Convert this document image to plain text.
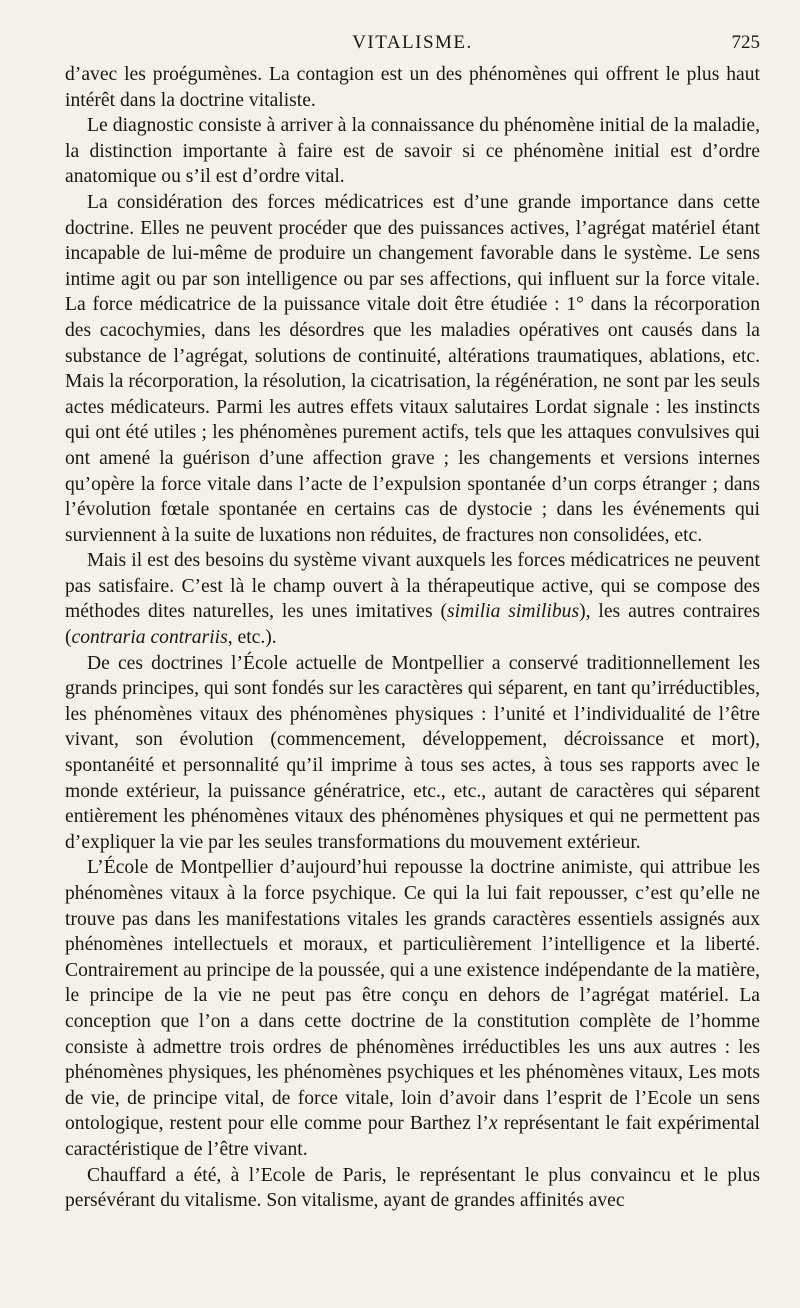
VITALISME.	725

d’avec les proégumènes. La contagion est un des phénomènes qui offrent le plus haut intérêt dans la doctrine vitaliste.

Le diagnostic consiste à arriver à la connaissance du phénomène initial de la maladie, la distinction importante à faire est de savoir si ce phénomène initial est d’ordre anatomique ou s’il est d’ordre vital.

La considération des forces médicatrices est d’une grande importance dans cette doctrine. Elles ne peuvent procéder que des puissances actives, l’agrégat matériel étant incapable de lui-même de produire un changement favorable dans le système. Le sens intime agit ou par son intelligence ou par ses affections, qui influent sur la force vitale. La force médicatrice de la puissance vitale doit être étudiée : 1° dans la récorporation des cacochymies, dans les désordres que les maladies opératives ont causés dans la substance de l’agrégat, solutions de continuité, altérations traumatiques, ablations, etc. Mais la récorporation, la résolution, la cicatrisation, la régénération, ne sont par les seuls actes médicateurs. Parmi les autres effets vitaux salutaires Lordat signale : les instincts qui ont été utiles ; les phénomènes purement actifs, tels que les attaques convulsives qui ont amené la guérison d’une affection grave ; les changements et versions internes qu’opère la force vitale dans l’acte de l’expulsion spontanée d’un corps étranger ; dans l’évolution fœtale spontanée en certains cas de dystocie ; dans les événements qui surviennent à la suite de luxations non réduites, de fractures non consolidées, etc.

Mais il est des besoins du système vivant auxquels les forces médicatrices ne peuvent pas satisfaire. C’est là le champ ouvert à la thérapeutique active, qui se compose des méthodes dites naturelles, les unes imitatives (similia similibus), les autres contraires (contraria contrariis, etc.).

De ces doctrines l’École actuelle de Montpellier a conservé traditionnellement les grands principes, qui sont fondés sur les caractères qui séparent, en tant qu’irréductibles, les phénomènes vitaux des phénomènes physiques : l’unité et l’individualité de l’être vivant, son évolution (commencement, développement, décroissance et mort), spontanéité et personnalité qu’il imprime à tous ses actes, à tous ses rapports avec le monde extérieur, la puissance génératrice, etc., etc., autant de caractères qui séparent entièrement les phénomènes vitaux des phénomènes physiques et qui ne permettent pas d’expliquer la vie par les seules transformations du mouvement extérieur.

L’École de Montpellier d’aujourd’hui repousse la doctrine animiste, qui attribue les phénomènes vitaux à la force psychique. Ce qui la lui fait repousser, c’est qu’elle ne trouve pas dans les manifestations vitales les grands caractères essentiels assignés aux phénomènes intellectuels et moraux, et particulièrement l’intelligence et la liberté. Contrairement au principe de la poussée, qui a une existence indépendante de la matière, le principe de la vie ne peut pas être conçu en dehors de l’agrégat matériel. La conception que l’on a dans cette doctrine de la constitution complète de l’homme consiste à admettre trois ordres de phénomènes irréductibles les uns aux autres : les phénomènes physiques, les phénomènes psychiques et les phénomènes vitaux, Les mots de vie, de principe vital, de force vitale, loin d’avoir dans l’esprit de l’Ecole un sens ontologique, restent pour elle comme pour Barthez l’x représentant le fait expérimental caractéristique de l’être vivant.

Chauffard a été, à l’Ecole de Paris, le représentant le plus convaincu et le plus persévérant du vitalisme. Son vitalisme, ayant de grandes affinités avec
